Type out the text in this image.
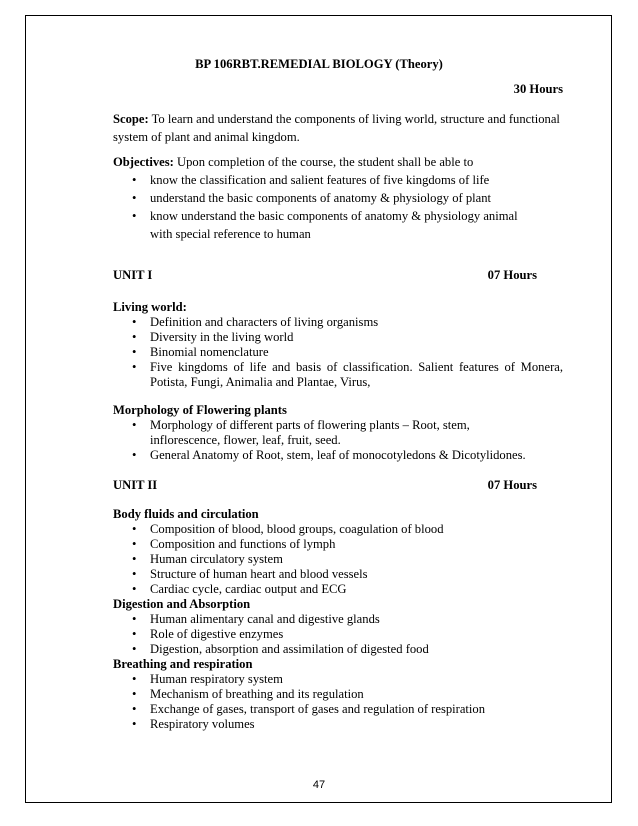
BP 106RBT.REMEDIAL BIOLOGY (Theory)
30 Hours
Scope: To learn and understand the components of living world, structure and functional system of plant and animal kingdom.
Objectives: Upon completion of the course, the student shall be able to
• know the classification and salient features of five kingdoms of life
• understand the basic components of anatomy & physiology of plant
• know understand the basic components of anatomy & physiology animal with special reference to human
UNIT I	07 Hours
Living world:
• Definition and characters of living organisms
• Diversity in the living world
• Binomial nomenclature
• Five kingdoms of life and basis of classification. Salient features of Monera, Potista, Fungi, Animalia and Plantae, Virus,
Morphology of Flowering plants
• Morphology of different parts of flowering plants – Root, stem, inflorescence, flower, leaf, fruit, seed.
• General Anatomy of Root, stem, leaf of monocotyledons & Dicotylidones.
UNIT II	07 Hours
Body fluids and circulation
• Composition of blood, blood groups, coagulation of blood
• Composition and functions of lymph
• Human circulatory system
• Structure of human heart and blood vessels
• Cardiac cycle, cardiac output and ECG
Digestion and Absorption
• Human alimentary canal and digestive glands
• Role of digestive enzymes
• Digestion, absorption and assimilation of digested food
Breathing and respiration
• Human respiratory system
• Mechanism of breathing and its regulation
• Exchange of gases, transport of gases and regulation of respiration
• Respiratory volumes
47
